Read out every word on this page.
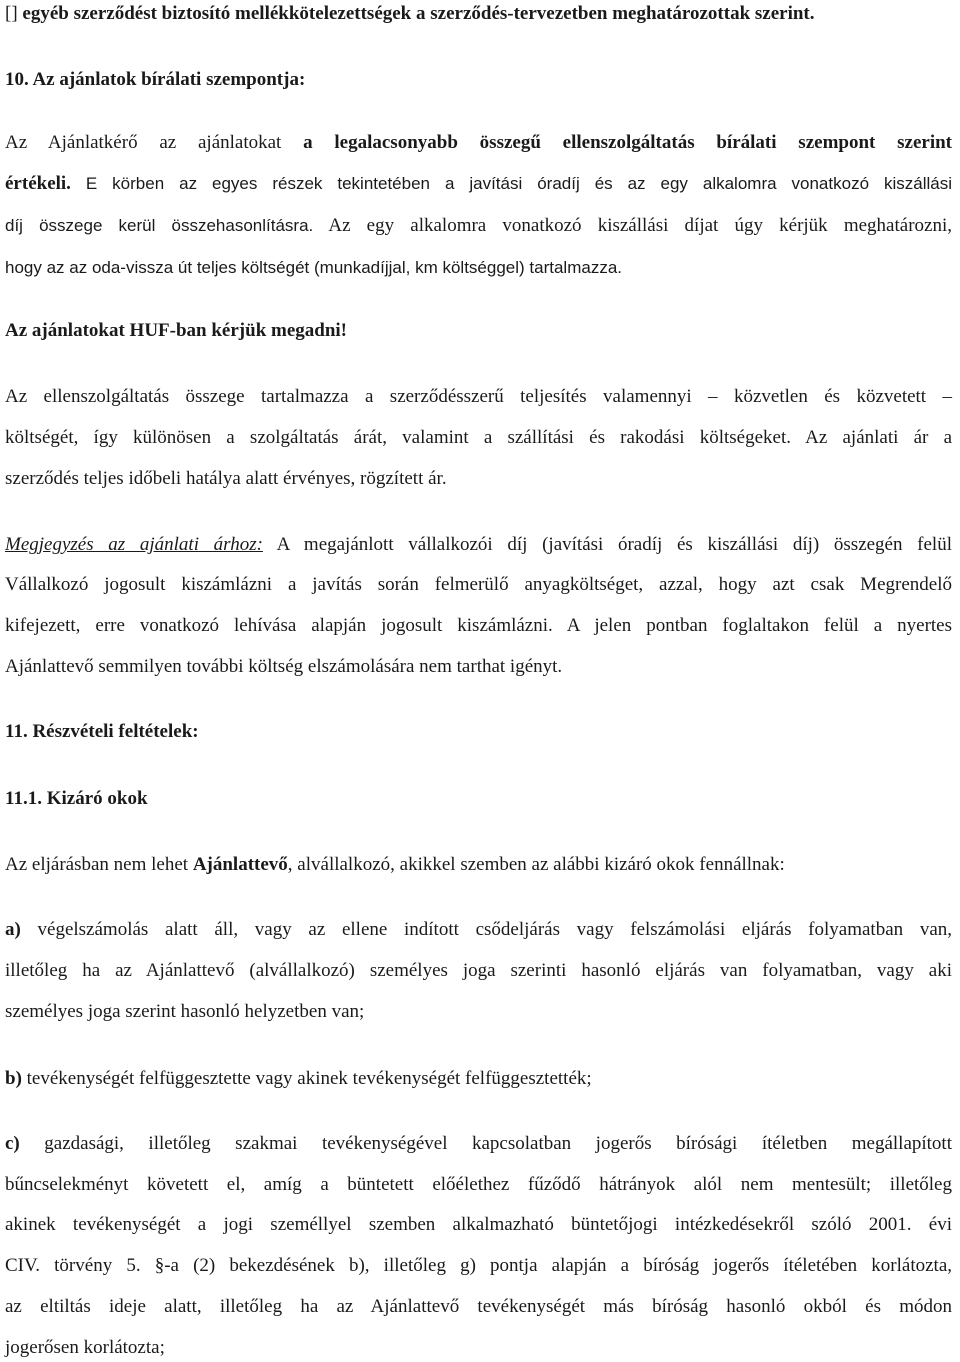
[] egyéb szerződést biztosító mellékkötelezettségek a szerződés-tervezetben meghatározottak szerint.
10. Az ajánlatok bírálati szempontja:
Az Ajánlatkérő az ajánlatokat a legalacsonyabb összegű ellenszolgáltatás bírálati szempont szerint
értékeli. E körben az egyes részek tekintetében a javítási óradíj és az egy alkalomra vonatkozó kiszállási
díj összege kerül összehasonlításra. Az egy alkalomra vonatkozó kiszállási díjat úgy kérjük meghatározni,
hogy az az oda-vissza út teljes költségét (munkadíjjal, km költséggel) tartalmazza.
Az ajánlatokat HUF-ban kérjük megadni!
Az ellenszolgáltatás összege tartalmazza a szerződésszerű teljesítés valamennyi – közvetlen és közvetett –
költségét, így különösen a szolgáltatás árát, valamint a szállítási és rakodási költségeket. Az ajánlati ár a
szerződés teljes időbeli hatálya alatt érvényes, rögzített ár.
Megjegyzés az ajánlati árhoz: A megajánlott vállalkozói díj (javítási óradíj és kiszállási díj) összegén felül
Vállalkozó jogosult kiszámlázni a javítás során felmerülő anyagköltséget, azzal, hogy azt csak Megrendelő
kifejezett, erre vonatkozó lehívása alapján jogosult kiszámlázni. A jelen pontban foglaltakon felül a nyertes
Ajánlattevő semmilyen további költség elszámolására nem tarthat igényt.
11. Részvételi feltételek:
11.1. Kizáró okok
Az eljárásban nem lehet Ajánlattevő, alvállalkozó, akikkel szemben az alábbi kizáró okok fennállnak:
a) végelszámolás alatt áll, vagy az ellene indított csődeljárás vagy felszámolási eljárás folyamatban van,
illetőleg ha az Ajánlattevő (alvállalkozó) személyes joga szerinti hasonló eljárás van folyamatban, vagy aki
személyes joga szerint hasonló helyzetben van;
b) tevékenységét felfüggesztette vagy akinek tevékenységét felfüggesztették;
c) gazdasági, illetőleg szakmai tevékenységével kapcsolatban jogerős bírósági ítéletben megállapított
bűncselekményt követett el, amíg a büntetett előélethez fűződő hátrányok alól nem mentesült; illetőleg
akinek tevékenységét a jogi személlyel szemben alkalmazható büntetőjogi intézkedésekről szóló 2001. évi
CIV. törvény 5. §-a (2) bekezdésének b), illetőleg g) pontja alapján a bíróság jogerős ítéletében korlátozta,
az eltiltás ideje alatt, illetőleg ha az Ajánlattevő tevékenységét más bíróság hasonló okból és módon
jogerősen korlátozta;
